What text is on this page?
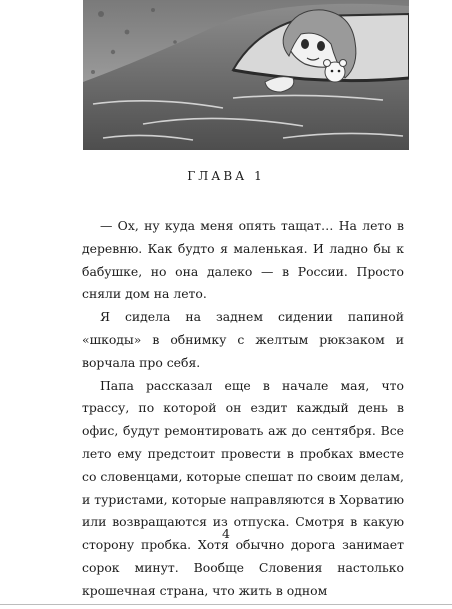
ГЛАВА 1

— Ох, ну куда меня опять тащат… На лето в деревню. Как будто я маленькая. И ладно бы к бабушке, но она далеко — в России. Просто сняли дом на лето.

Я сидела на заднем сидении папиной «шкоды» в обнимку с желтым рюкзаком и ворчала про себя.

Папа рассказал еще в начале мая, что трассу, по которой он ездит каждый день в офис, будут ремонтировать аж до сентября. Все лето ему предстоит провести в пробках вместе со словенцами, которые спешат по своим делам, и туристами, которые направляются в Хорватию или возвращаются из отпуска. Смотря в какую сторону пробка. Хотя обычно дорога занимает сорок минут. Вообще Словения настолько крошечная страна, что жить в одном

4
